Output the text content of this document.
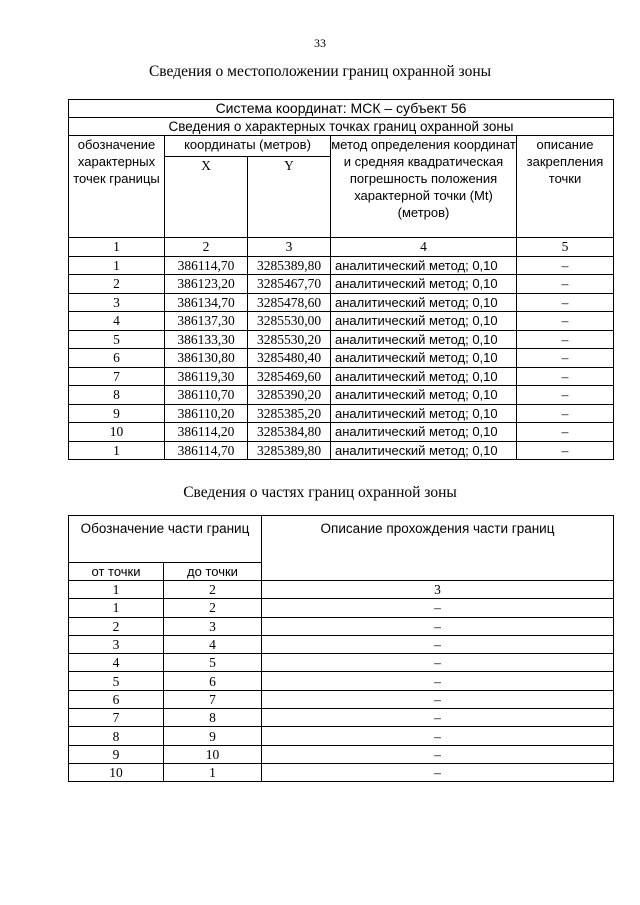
33
Сведения о местоположении границ охранной зоны
Система координат: МСК – субъект 56				
Сведения о характерных точках границ охранной зоны				
обозначение характерных точек границы	координаты (метров)		метод определения координат и средняя квадратическая погрешность положения характерной точки (Mt) (метров)	описание закрепления точки
	X	Y		
1	2	3	4	5
1	386114,70	3285389,80	аналитический метод; 0,10	–
2	386123,20	3285467,70	аналитический метод; 0,10	–
3	386134,70	3285478,60	аналитический метод; 0,10	–
4	386137,30	3285530,00	аналитический метод; 0,10	–
5	386133,30	3285530,20	аналитический метод; 0,10	–
6	386130,80	3285480,40	аналитический метод; 0,10	–
7	386119,30	3285469,60	аналитический метод; 0,10	–
8	386110,70	3285390,20	аналитический метод; 0,10	–
9	386110,20	3285385,20	аналитический метод; 0,10	–
10	386114,20	3285384,80	аналитический метод; 0,10	–
1	386114,70	3285389,80	аналитический метод; 0,10	–
Сведения о частях границ охранной зоны
Обозначение части границ		Описание прохождения части границ
от точки	до точки	
1	2	3
1	2	–
2	3	–
3	4	–
4	5	–
5	6	–
6	7	–
7	8	–
8	9	–
9	10	–
10	1	–
